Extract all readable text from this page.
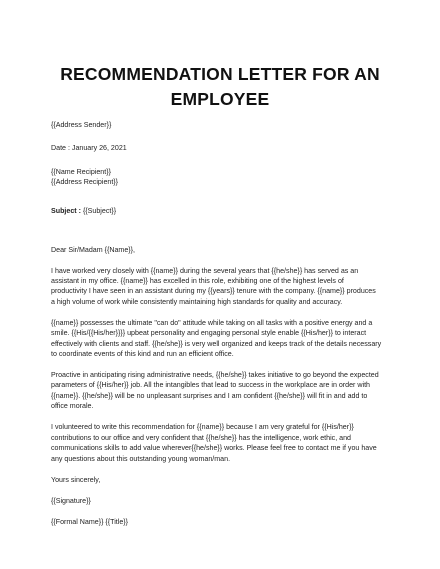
RECOMMENDATION LETTER FOR AN
EMPLOYEE
{{Address Sender}}
Date : January 26, 2021
{{Name Recipient}}
{{Address Recipient}}
Subject : {{Subject}}
Dear Sir/Madam {{Name}},
I have worked very closely with {{name}} during the several years that {{he/she}} has served as an
assistant in my office. {{name}} has excelled in this role, exhibiting one of the highest levels of
productivity I have seen in an assistant during my {{years}} tenure with the company. {{name}} produces
a high volume of work while consistently maintaining high standards for quality and accuracy.
{{name}} possesses the ultimate "can do" attitude while taking on all tasks with a positive energy and a
smile. {{His/{{His/her}}}} upbeat personality and engaging personal style enable {{His/her}} to interact
effectively with clients and staff. {{he/she}} is very well organized and keeps track of the details necessary
to coordinate events of this kind and run an efficient office.
Proactive in anticipating rising administrative needs, {{he/she}} takes initiative to go beyond the expected
parameters of {{His/her}} job. All the intangibles that lead to success in the workplace are in order with
{{name}}. {{he/she}} will be no unpleasant surprises and I am confident {{he/she}} will fit in and add to
office morale.
I volunteered to write this recommendation for {{name}} because I am very grateful for {{His/her}}
contributions to our office and very confident that {{he/she}} has the intelligence, work ethic, and
communications skills to add value wherever{{he/she}} works. Please feel free to contact me if you have
any questions about this outstanding young woman/man.
Yours sincerely,
{{Signature}}
{{Formal Name}} {{Title}}
